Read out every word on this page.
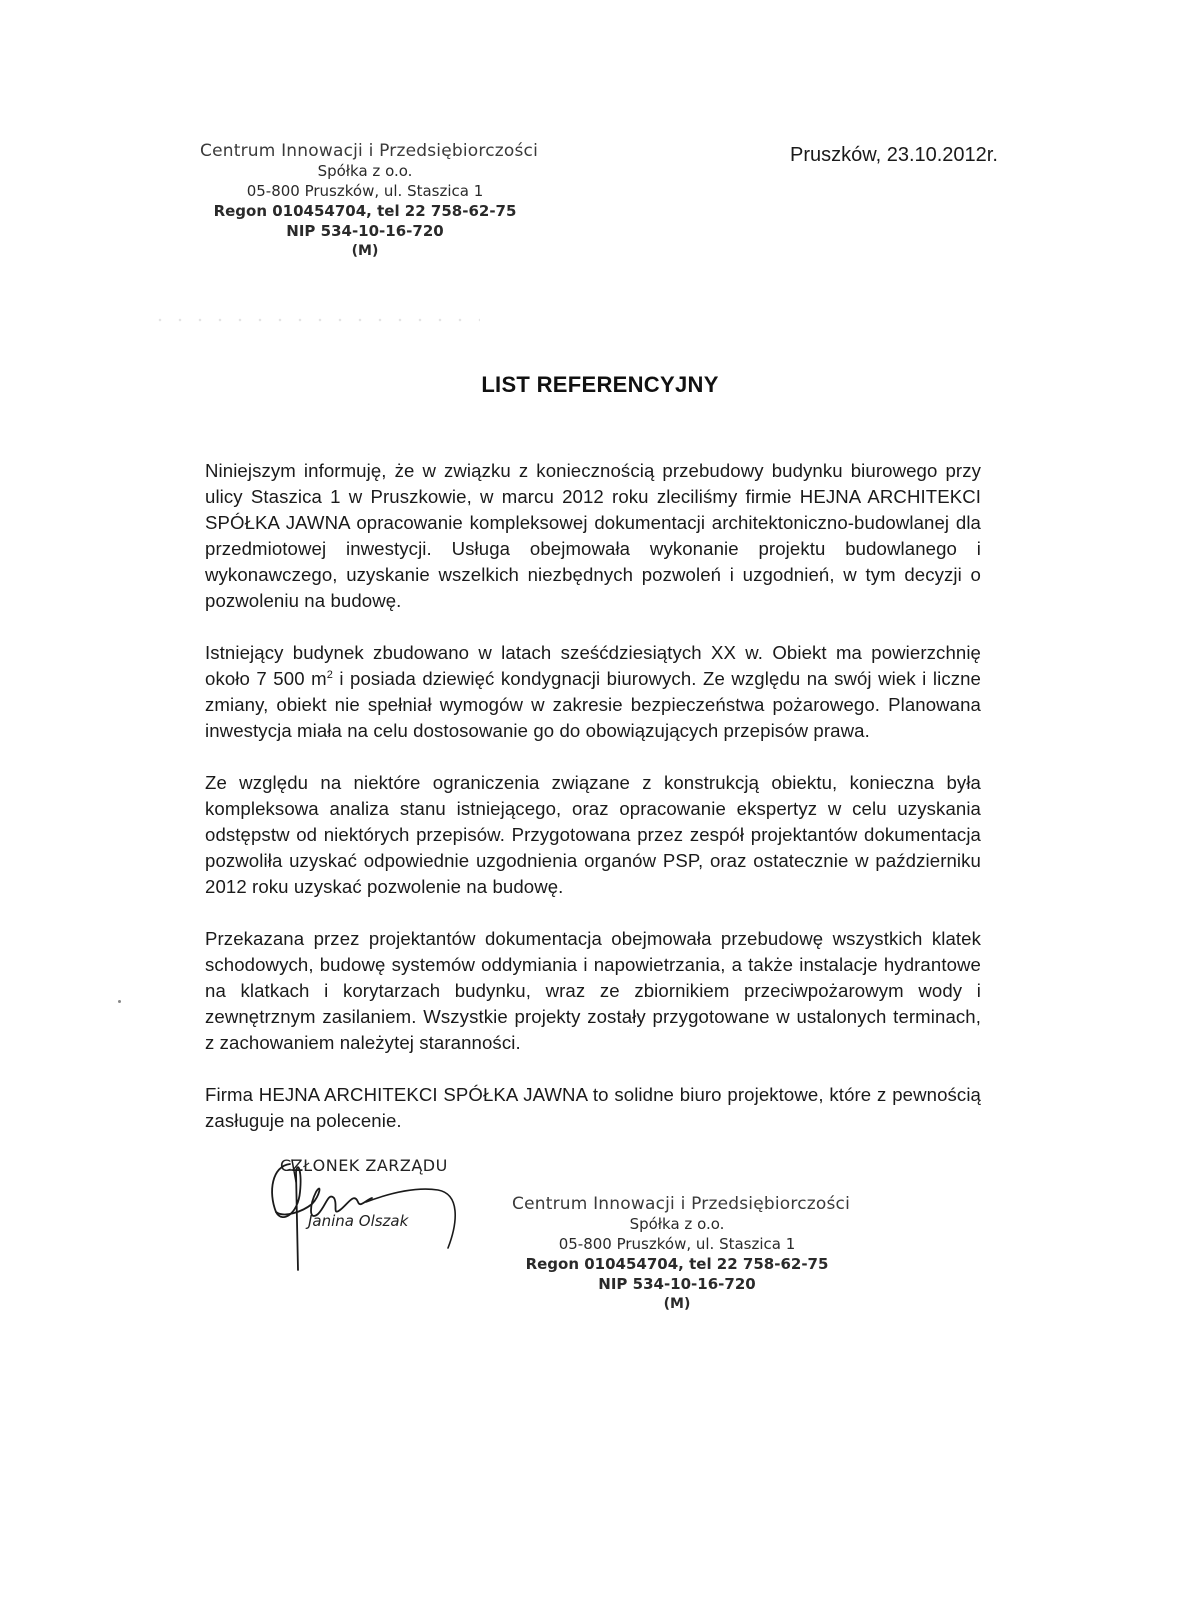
Centrum Innowacji i Przedsiębiorczości
Spółka z o.o.
05-800 Pruszków, ul. Staszica 1
Regon 010454704, tel 22 758-62-75
NIP 534-10-16-720
(M)
Pruszków, 23.10.2012r.
LIST REFERENCYJNY

Niniejszym informuję, że w związku z koniecznością przebudowy budynku biurowego przy ulicy Staszica 1 w Pruszkowie, w marcu 2012 roku zleciliśmy firmie HEJNA ARCHITEKCI SPÓŁKA JAWNA opracowanie kompleksowej dokumentacji architektoniczno-budowlanej dla przedmiotowej inwestycji. Usługa obejmowała wykonanie projektu budowlanego i wykonawczego, uzyskanie wszelkich niezbędnych pozwoleń i uzgodnień, w tym decyzji o pozwoleniu na budowę.

Istniejący budynek zbudowano w latach sześćdziesiątych XX w. Obiekt ma powierzchnię około 7 500 $m^2$ i posiada dziewięć kondygnacji biurowych. Ze względu na swój wiek i liczne zmiany, obiekt nie spełniał wymogów w zakresie bezpieczeństwa pożarowego. Planowana inwestycja miała na celu dostosowanie go do obowiązujących przepisów prawa.

Ze względu na niektóre ograniczenia związane z konstrukcją obiektu, konieczna była kompleksowa analiza stanu istniejącego, oraz opracowanie ekspertyz w celu uzyskania odstępstw od niektórych przepisów. Przygotowana przez zespół projektantów dokumentacja pozwoliła uzyskać odpowiednie uzgodnienia organów PSP, oraz ostatecznie w październiku 2012 roku uzyskać pozwolenie na budowę.

Przekazana przez projektantów dokumentacja obejmowała przebudowę wszystkich klatek schodowych, budowę systemów oddymiania i napowietrzania, a także instalacje hydrantowe na klatkach i korytarzach budynku, wraz ze zbiornikiem przeciwpożarowym wody i zewnętrznym zasilaniem. Wszystkie projekty zostały przygotowane w ustalonych terminach, z zachowaniem należytej staranności.

Firma HEJNA ARCHITEKCI SPÓŁKA JAWNA to solidne biuro projektowe, które z pewnością zasługuje na polecenie.

CZŁONEK ZARZĄDU
Janina Olszak
Centrum Innowacji i Przedsiębiorczości
Spółka z o.o.
05-800 Pruszków, ul. Staszica 1
Regon 010454704, tel 22 758-62-75
NIP 534-10-16-720
(M)
